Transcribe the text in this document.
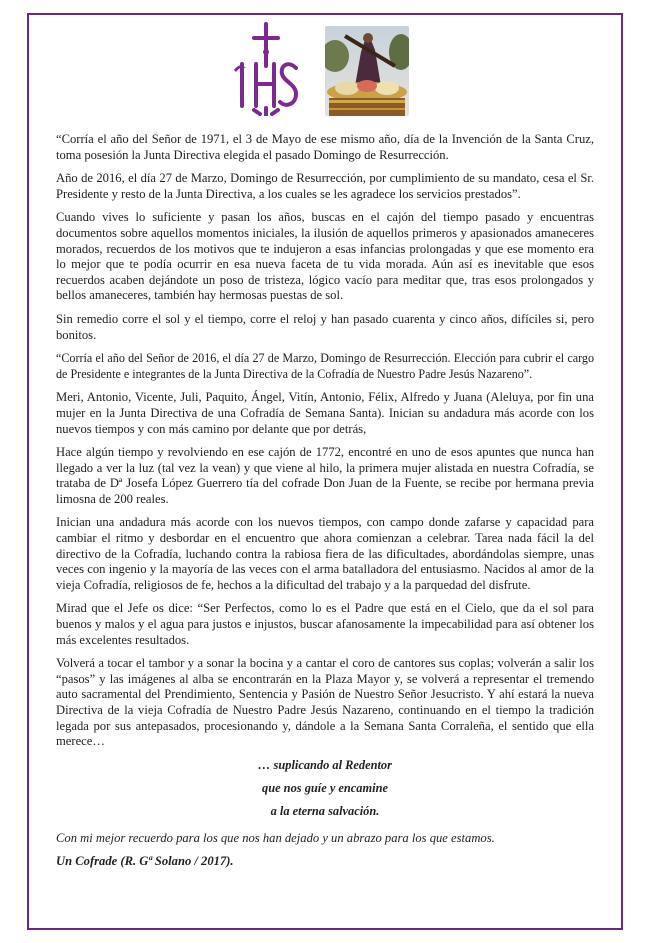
“Corría el año del Señor de 1971, el 3 de Mayo de ese mismo año, día de la Invención de la Santa Cruz, toma posesión la Junta Directiva elegida el pasado Domingo de Resurrección.

Año de 2016, el día 27 de Marzo, Domingo de Resurrección, por cumplimiento de su mandato, cesa el Sr. Presidente y resto de la Junta Directiva, a los cuales se les agradece los servicios prestados”.

Cuando vives lo suficiente y pasan los años, buscas en el cajón del tiempo pasado y encuentras documentos sobre aquellos momentos iniciales, la ilusión de aquellos primeros y apasionados amaneceres morados, recuerdos de los motivos que te indujeron a esas infancias prolongadas y que ese momento era lo mejor que te podía ocurrir en esa nueva faceta de tu vida morada. Aún así es inevitable que esos recuerdos acaben dejándote un poso de tristeza, lógico vacío para meditar que, tras esos prolongados y bellos amaneceres, también hay hermosas puestas de sol.

Sin remedio corre el sol y el tiempo, corre el reloj y han pasado cuarenta y cinco años, difíciles si, pero bonitos.

“Corría el año del Señor de 2016, el día 27 de Marzo, Domingo de Resurrección. Elección para cubrir el cargo de Presidente e integrantes de la Junta Directiva de la Cofradía de Nuestro Padre Jesús Nazareno”.

Meri, Antonio, Vicente, Juli, Paquito, Ángel, Vitín, Antonio, Félix, Alfredo y Juana (Aleluya, por fin una mujer en la Junta Directiva de una Cofradía de Semana Santa). Inician su andadura más acorde con los nuevos tiempos y con más camino por delante que por detrás,

Hace algún tiempo y revolviendo en ese cajón de 1772, encontré en uno de esos apuntes que nunca han llegado a ver la luz (tal vez la vean) y que viene al hilo, la primera mujer alistada en nuestra Cofradía, se trataba de Dª Josefa López Guerrero tía del cofrade Don Juan de la Fuente, se recibe por hermana previa limosna de 200 reales.

Inician una andadura más acorde con los nuevos tiempos, con campo donde zafarse y capacidad para cambiar el ritmo y desbordar en el encuentro que ahora comienzan a celebrar. Tarea nada fácil la del directivo de la Cofradía, luchando contra la rabiosa fiera de las dificultades, abordándolas siempre, unas veces con ingenio y la mayoría de las veces con el arma batalladora del entusiasmo. Nacidos al amor de la vieja Cofradía, religiosos de fe, hechos a la dificultad del trabajo y a la parquedad del disfrute.

Mirad que el Jefe os dice: “Ser Perfectos, como lo es el Padre que está en el Cielo, que da el sol para buenos y malos y el agua para justos e injustos, buscar afanosamente la impecabilidad para así obtener los más excelentes resultados.

Volverá a tocar el tambor y a sonar la bocina y a cantar el coro de cantores sus coplas; volverán a salir los “pasos” y las imágenes al alba se encontrarán en la Plaza Mayor y, se volverá a representar el tremendo auto sacramental del Prendimiento, Sentencia y Pasión de Nuestro Señor Jesucristo. Y ahí estará la nueva Directiva de la vieja Cofradía de Nuestro Padre Jesús Nazareno, continuando en el tiempo la tradición legada por sus antepasados, procesionando y, dándole a la Semana Santa Corraleña, el sentido que ella merece…

… suplicando al Redentor

que nos guíe y encamine

a la eterna salvación.

Con mi mejor recuerdo para los que nos han dejado y un abrazo para los que estamos.

Un Cofrade (R. Gª Solano / 2017).
